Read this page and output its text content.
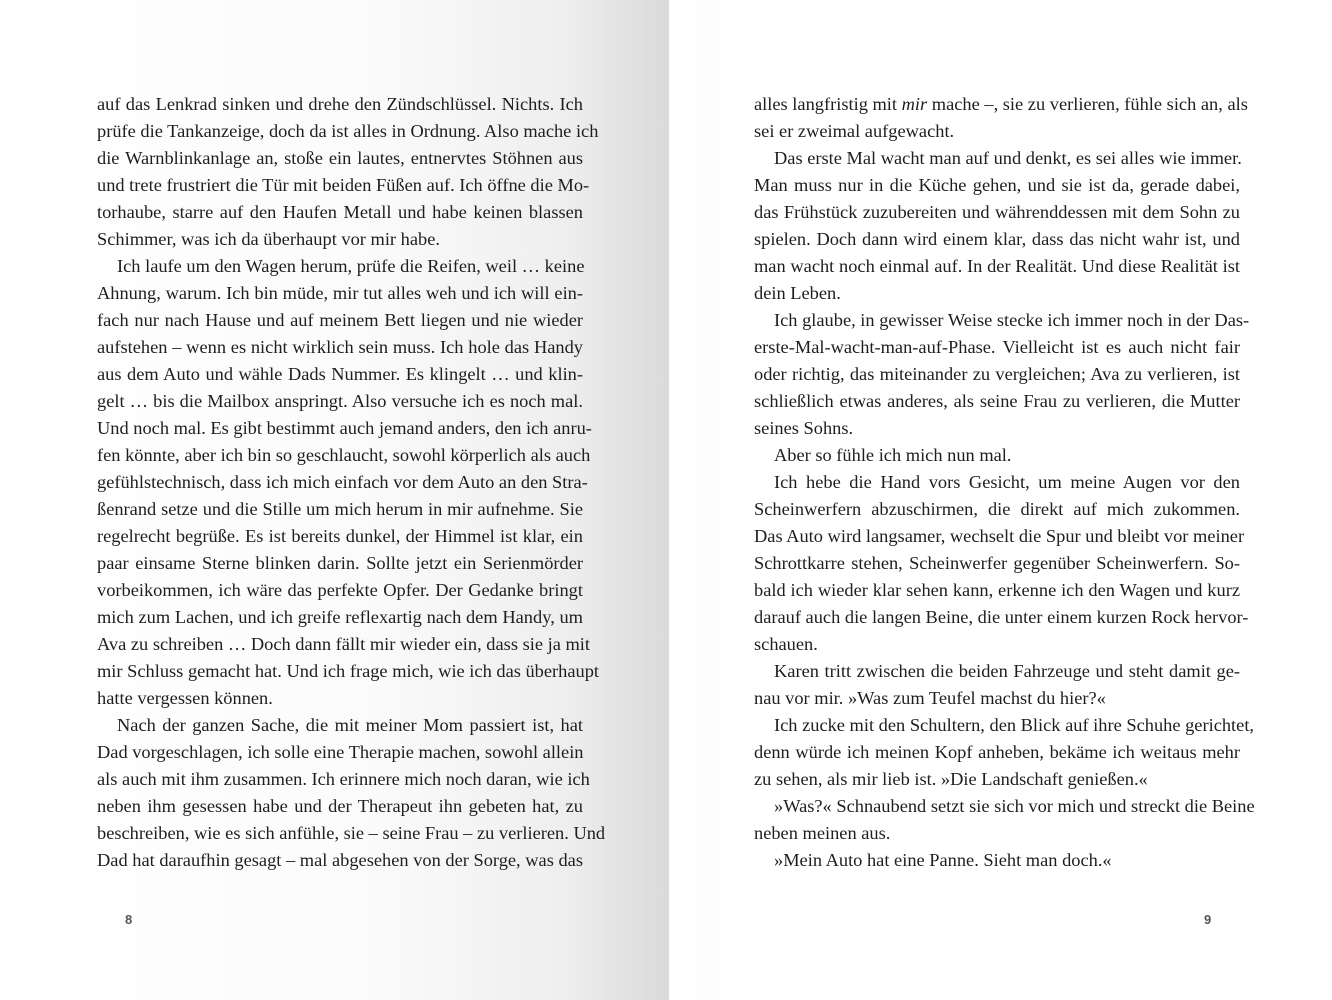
auf das Lenkrad sinken und drehe den Zündschlüssel. Nichts. Ich
prüfe die Tankanzeige, doch da ist alles in Ordnung. Also mache ich
die Warnblinkanlage an, stoße ein lautes, entnervtes Stöhnen aus
und trete frustriert die Tür mit beiden Füßen auf. Ich öffne die Mo-
torhaube, starre auf den Haufen Metall und habe keinen blassen
Schimmer, was ich da überhaupt vor mir habe.
Ich laufe um den Wagen herum, prüfe die Reifen, weil … keine
Ahnung, warum. Ich bin müde, mir tut alles weh und ich will ein-
fach nur nach Hause und auf meinem Bett liegen und nie wieder
aufstehen – wenn es nicht wirklich sein muss. Ich hole das Handy
aus dem Auto und wähle Dads Nummer. Es klingelt … und klin-
gelt … bis die Mailbox anspringt. Also versuche ich es noch mal.
Und noch mal. Es gibt bestimmt auch jemand anders, den ich anru-
fen könnte, aber ich bin so geschlaucht, sowohl körperlich als auch
gefühlstechnisch, dass ich mich einfach vor dem Auto an den Stra-
ßenrand setze und die Stille um mich herum in mir aufnehme. Sie
regelrecht begrüße. Es ist bereits dunkel, der Himmel ist klar, ein
paar einsame Sterne blinken darin. Sollte jetzt ein Serienmörder
vorbeikommen, ich wäre das perfekte Opfer. Der Gedanke bringt
mich zum Lachen, und ich greife reflexartig nach dem Handy, um
Ava zu schreiben … Doch dann fällt mir wieder ein, dass sie ja mit
mir Schluss gemacht hat. Und ich frage mich, wie ich das überhaupt
hatte vergessen können.
Nach der ganzen Sache, die mit meiner Mom passiert ist, hat
Dad vorgeschlagen, ich solle eine Therapie machen, sowohl allein
als auch mit ihm zusammen. Ich erinnere mich noch daran, wie ich
neben ihm gesessen habe und der Therapeut ihn gebeten hat, zu
beschreiben, wie es sich anfühle, sie – seine Frau – zu verlieren. Und
Dad hat daraufhin gesagt – mal abgesehen von der Sorge, was das
8
alles langfristig mit mir mache –, sie zu verlieren, fühle sich an, als
sei er zweimal aufgewacht.
Das erste Mal wacht man auf und denkt, es sei alles wie immer.
Man muss nur in die Küche gehen, und sie ist da, gerade dabei,
das Frühstück zuzubereiten und währenddessen mit dem Sohn zu
spielen. Doch dann wird einem klar, dass das nicht wahr ist, und
man wacht noch einmal auf. In der Realität. Und diese Realität ist
dein Leben.
Ich glaube, in gewisser Weise stecke ich immer noch in der Das-
erste-Mal-wacht-man-auf-Phase. Vielleicht ist es auch nicht fair
oder richtig, das miteinander zu vergleichen; Ava zu verlieren, ist
schließlich etwas anderes, als seine Frau zu verlieren, die Mutter
seines Sohns.
Aber so fühle ich mich nun mal.
Ich hebe die Hand vors Gesicht, um meine Augen vor den
Scheinwerfern abzuschirmen, die direkt auf mich zukommen.
Das Auto wird langsamer, wechselt die Spur und bleibt vor meiner
Schrottkarre stehen, Scheinwerfer gegenüber Scheinwerfern. So-
bald ich wieder klar sehen kann, erkenne ich den Wagen und kurz
darauf auch die langen Beine, die unter einem kurzen Rock hervor-
schauen.
Karen tritt zwischen die beiden Fahrzeuge und steht damit ge-
nau vor mir. »Was zum Teufel machst du hier?«
Ich zucke mit den Schultern, den Blick auf ihre Schuhe gerichtet,
denn würde ich meinen Kopf anheben, bekäme ich weitaus mehr
zu sehen, als mir lieb ist. »Die Landschaft genießen.«
»Was?« Schnaubend setzt sie sich vor mich und streckt die Beine
neben meinen aus.
»Mein Auto hat eine Panne. Sieht man doch.«
9
